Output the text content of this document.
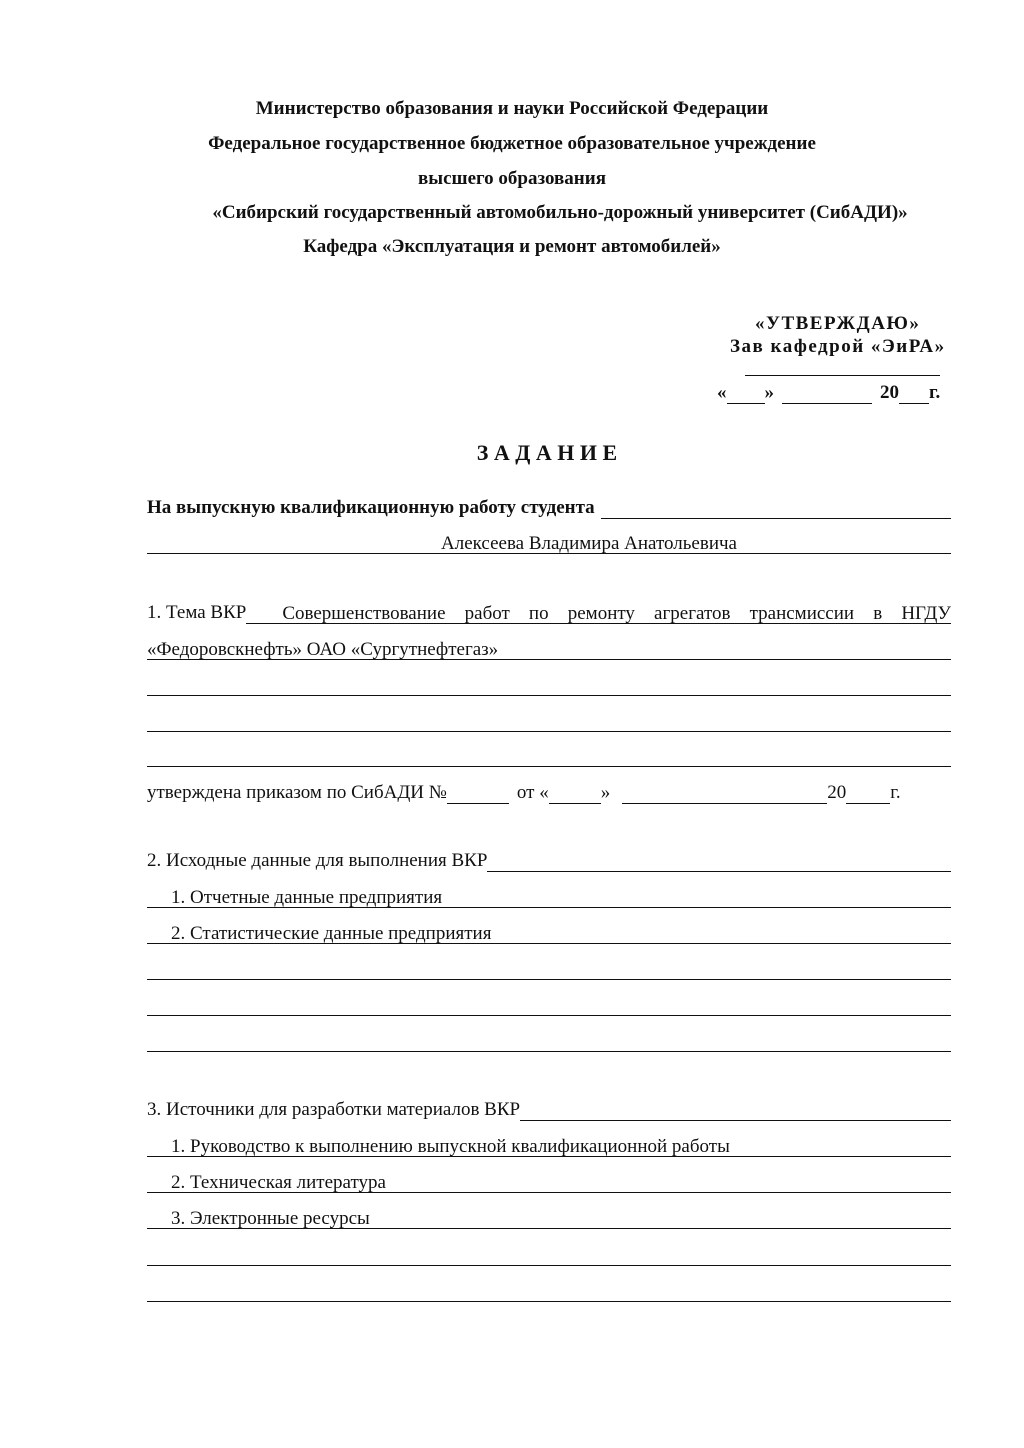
Министерство образования и науки Российской Федерации
Федеральное государственное бюджетное образовательное учреждение
высшего образования
«Сибирский государственный автомобильно-дорожный университет (СибАДИ)»
Кафедра «Эксплуатация и ремонт автомобилей»
«УТВЕРЖДАЮ»
Зав кафедрой «ЭиРА»
« »	20 г.
З А Д А Н И Е
На выпускную квалификационную работу студента
Алексеева Владимира Анатольевича
1. Тема ВКР	Совершенствование работ по ремонту агрегатов трансмиссии в НГДУ
«Федоровскнефть» ОАО «Сургутнефтегаз»
утверждена приказом по СибАДИ №	от «	»	20 г.
2. Исходные данные для выполнения ВКР
1. Отчетные данные предприятия
2. Статистические данные предприятия
3. Источники для разработки материалов ВКР
1. Руководство к выполнению выпускной квалификационной работы
2. Техническая литература
3. Электронные ресурсы
